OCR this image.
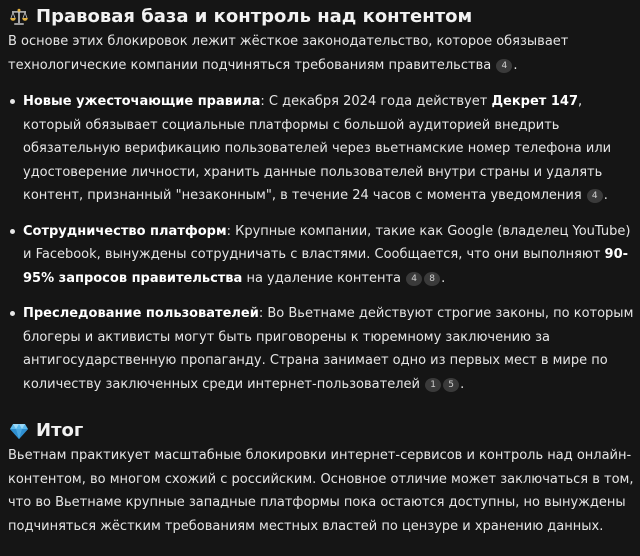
Правовая база и контроль над контентом

В основе этих блокировок лежит жёсткое законодательство, которое обязывает технологические компании подчиняться требованиям правительства 4 .

Новые ужесточающие правила: С декабря 2024 года действует Декрет 147, который обязывает социальные платформы с большой аудиторией внедрить обязательную верификацию пользователей через вьетнамские номер телефона или удостоверение личности, хранить данные пользователей внутри страны и удалять контент, признанный "незаконным", в течение 24 часов с момента уведомления 4 .
Сотрудничество платформ: Крупные компании, такие как Google (владелец YouTube) и Facebook, вынуждены сотрудничать с властями. Сообщается, что они выполняют 90-95% запросов правительства на удаление контента 4 8 .
Преследование пользователей: Во Вьетнаме действуют строгие законы, по которым блогеры и активисты могут быть приговорены к тюремному заключению за антигосударственную пропаганду. Страна занимает одно из первых мест в мире по количеству заключенных среди интернет-пользователей 1 5 .
Итог

Вьетнам практикует масштабные блокировки интернет-сервисов и контроль над онлайн-контентом, во многом схожий с российским. Основное отличие может заключаться в том, что во Вьетнаме крупные западные платформы пока остаются доступны, но вынуждены подчиняться жёстким требованиям местных властей по цензуре и хранению данных.
